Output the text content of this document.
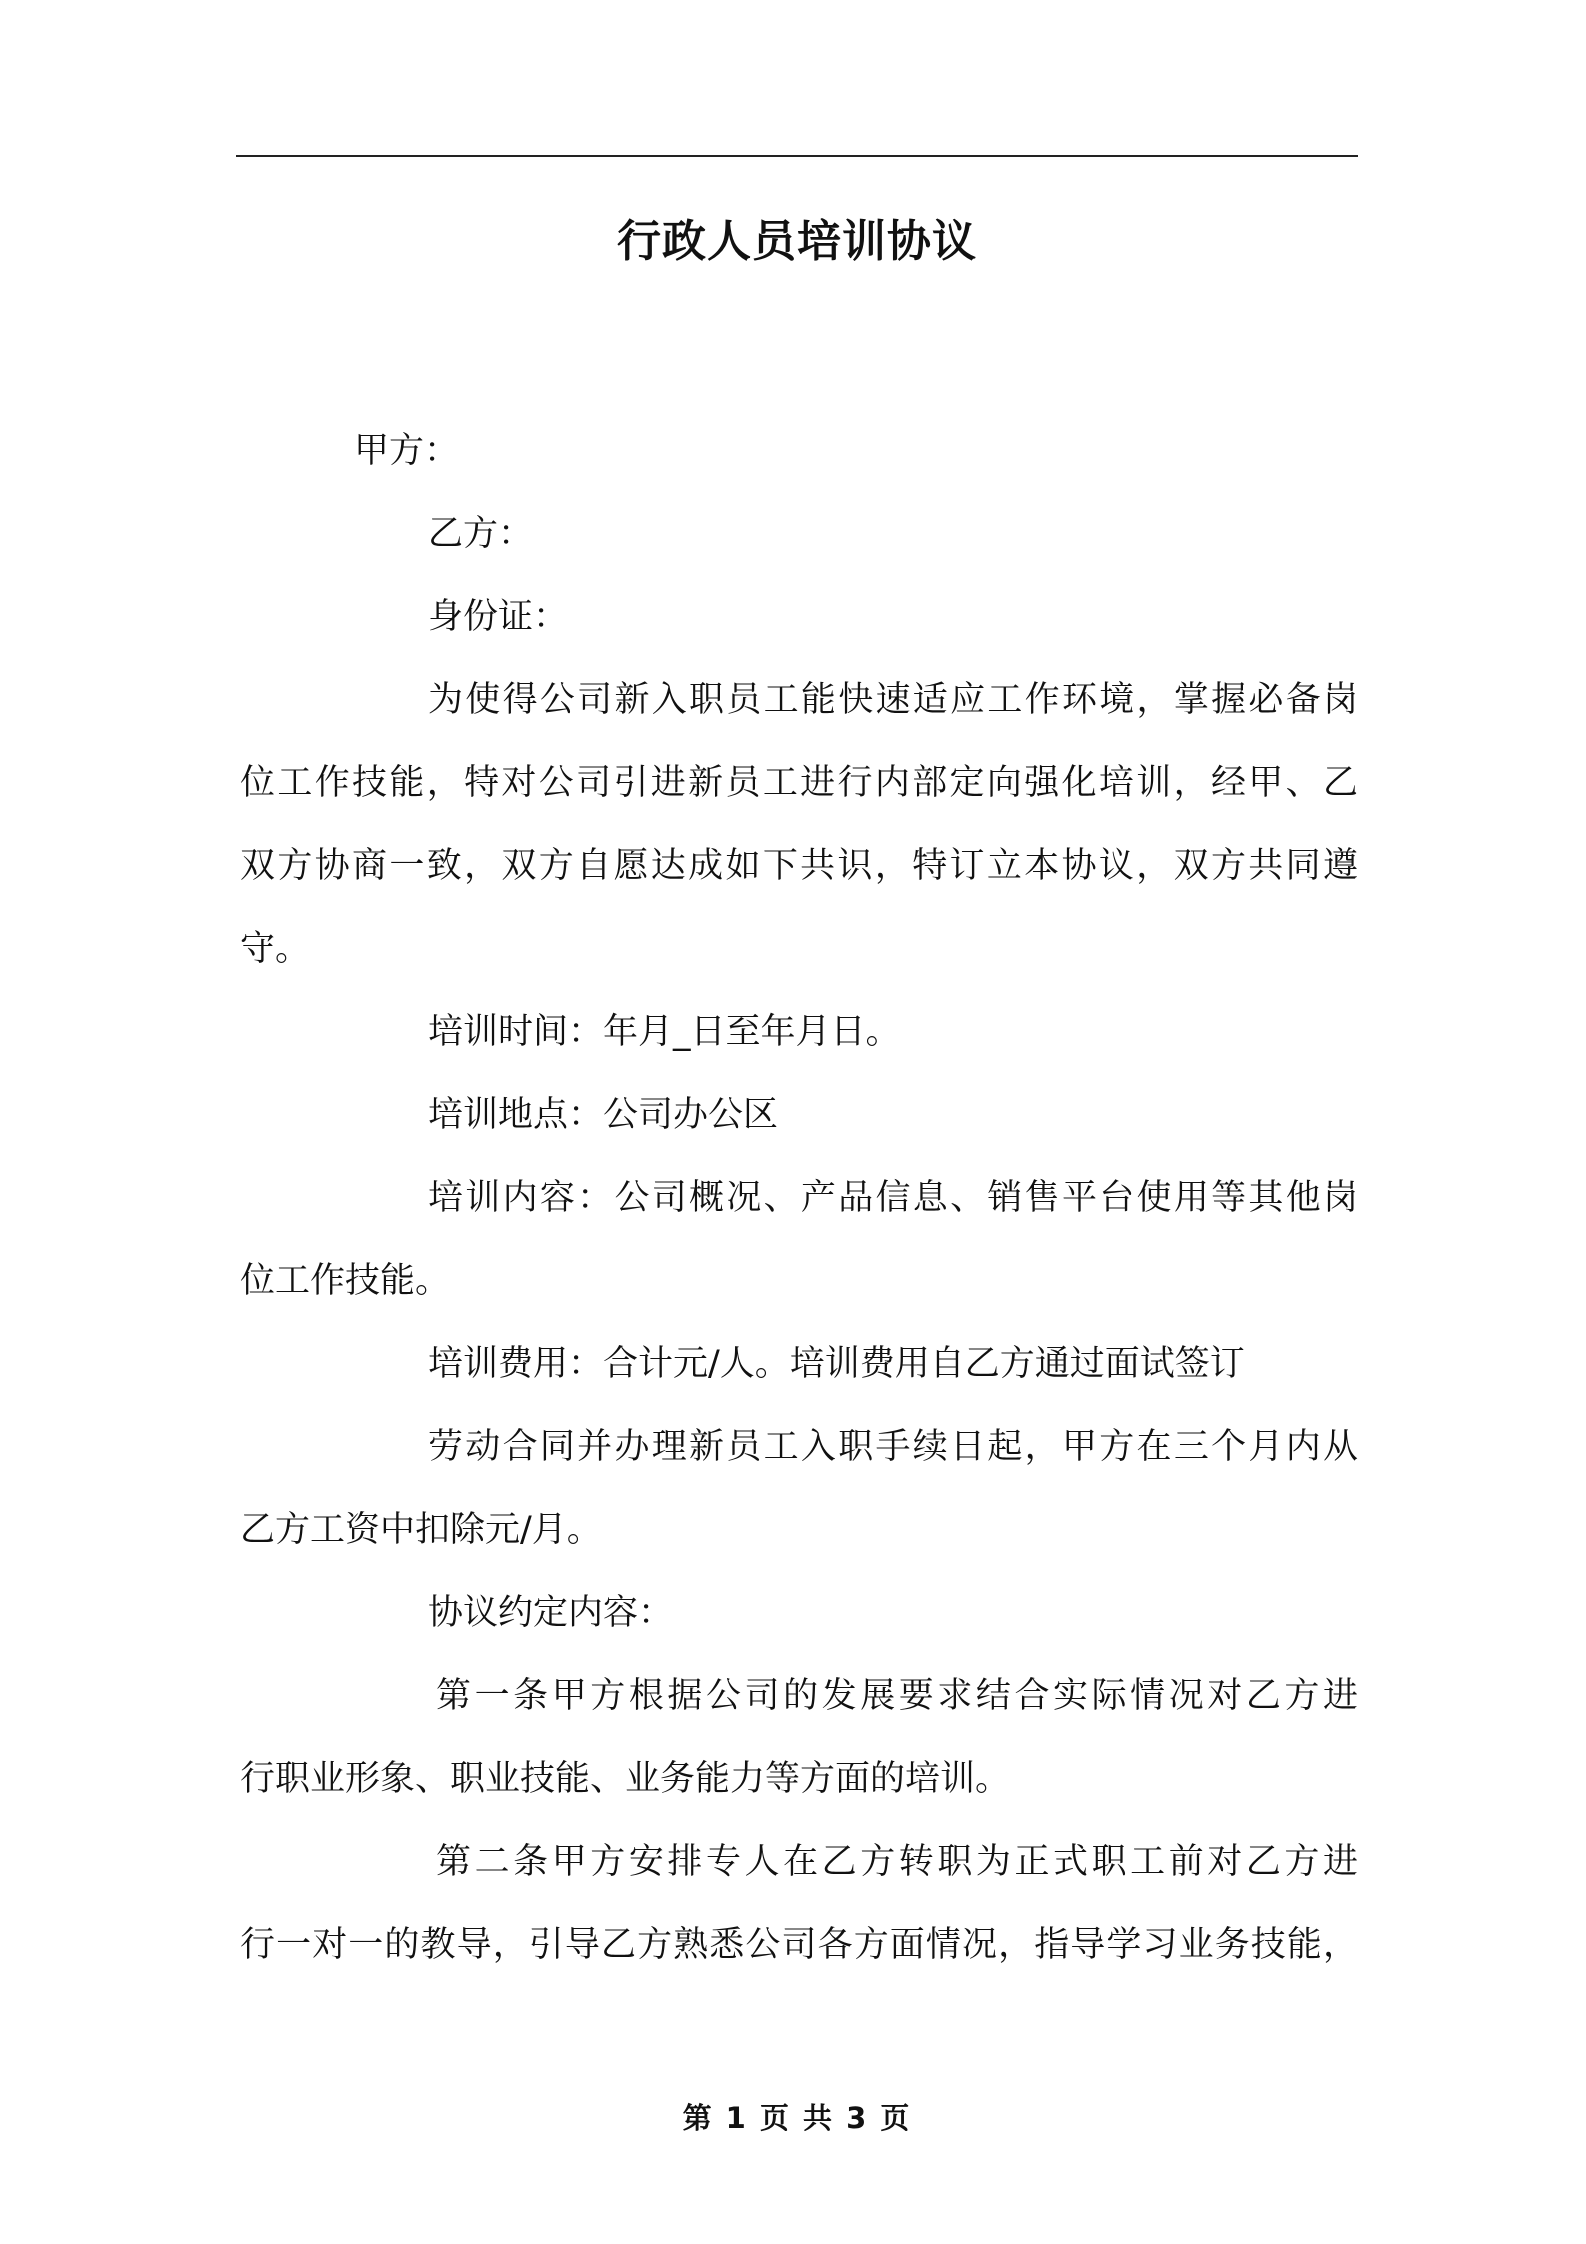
行政人员培训协议
甲方：
乙方：
身份证：
为使得公司新入职员工能快速适应工作环境，掌握必备岗
位工作技能，特对公司引进新员工进行内部定向强化培训，经甲、乙
双方协商一致，双方自愿达成如下共识，特订立本协议，双方共同遵
守。
培训时间：年月_日至年月日。
培训地点：公司办公区
培训内容：公司概况、产品信息、销售平台使用等其他岗
位工作技能。
培训费用：合计元/人。培训费用自乙方通过面试签订
劳动合同并办理新员工入职手续日起，甲方在三个月内从
乙方工资中扣除元/月。
协议约定内容：
第一条甲方根据公司的发展要求结合实际情况对乙方进
行职业形象、职业技能、业务能力等方面的培训。
第二条甲方安排专人在乙方转职为正式职工前对乙方进
行一对一的教导，引导乙方熟悉公司各方面情况，指导学习业务技能，
第 1 页 共 3 页
